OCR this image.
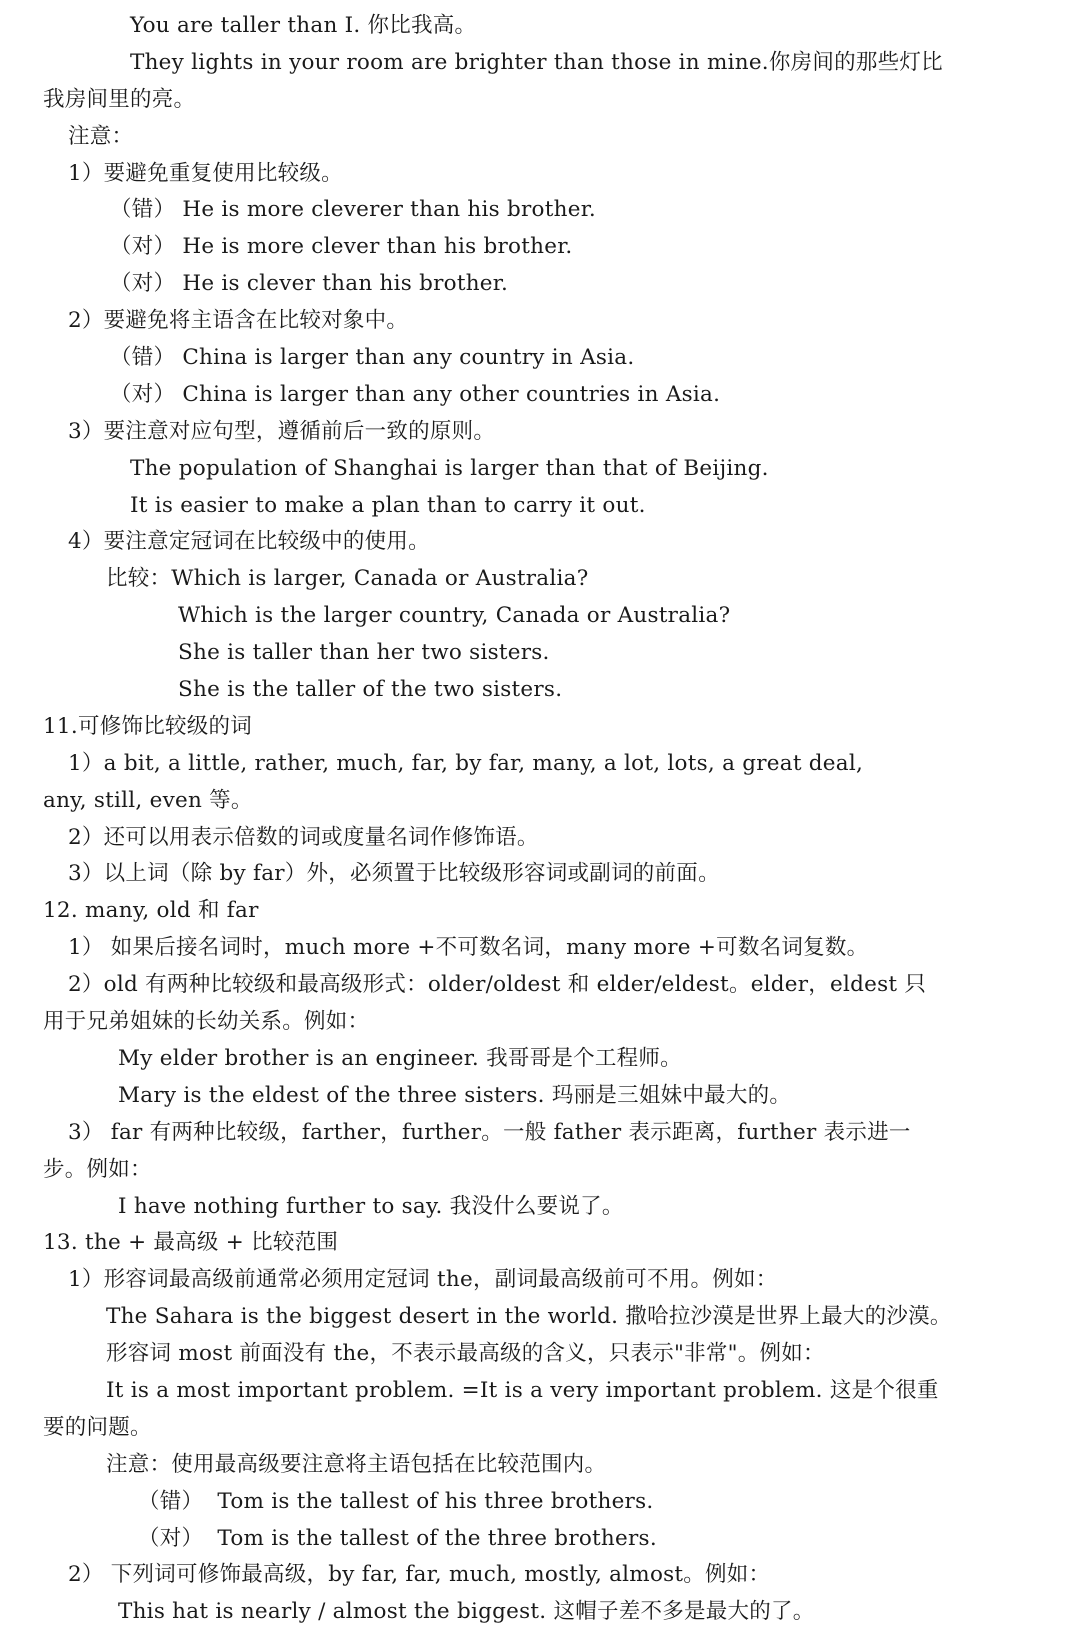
You are taller than I. 你比我高。
They lights in your room are brighter than those in mine.你房间的那些灯比
我房间里的亮。
注意：
1）要避免重复使用比较级。
（错） He is more cleverer than his brother.
（对） He is more clever than his brother.
（对） He is clever than his brother.
2）要避免将主语含在比较对象中。
（错） China is larger than any country in Asia.
（对） China is larger than any other countries in Asia.
3）要注意对应句型，遵循前后一致的原则。
The population of Shanghai is larger than that of Beijing.
It is easier to make a plan than to carry it out.
4）要注意定冠词在比较级中的使用。
比较：Which is larger, Canada or Australia?
Which is the larger country, Canada or Australia?
She is taller than her two sisters.
She is the taller of the two sisters.
11.可修饰比较级的词
1）a bit, a little, rather, much, far, by far, many, a lot, lots, a great deal,
any, still, even 等。
2）还可以用表示倍数的词或度量名词作修饰语。
3）以上词（除 by far）外，必须置于比较级形容词或副词的前面。
12. many, old 和 far
1） 如果后接名词时，much more +不可数名词，many more +可数名词复数。
2）old 有两种比较级和最高级形式：older/oldest 和 elder/eldest。elder，eldest 只
用于兄弟姐妹的长幼关系。例如：
My elder brother is an engineer. 我哥哥是个工程师。
Mary is the eldest of the three sisters. 玛丽是三姐妹中最大的。
3） far 有两种比较级，farther，further。一般 father 表示距离，further 表示进一
步。例如：
I have nothing further to say. 我没什么要说了。
13. the + 最高级 + 比较范围
1）形容词最高级前通常必须用定冠词 the，副词最高级前可不用。例如：
The Sahara is the biggest desert in the world. 撒哈拉沙漠是世界上最大的沙漠。
形容词 most 前面没有 the，不表示最高级的含义，只表示"非常"。例如：
It is a most important problem. =It is a very important problem. 这是个很重
要的问题。
注意：使用最高级要注意将主语包括在比较范围内。
（错）  Tom is the tallest of his three brothers.
（对）  Tom is the tallest of the three brothers.
2） 下列词可修饰最高级，by far, far, much, mostly, almost。例如：
This hat is nearly / almost the biggest. 这帽子差不多是最大的了。
